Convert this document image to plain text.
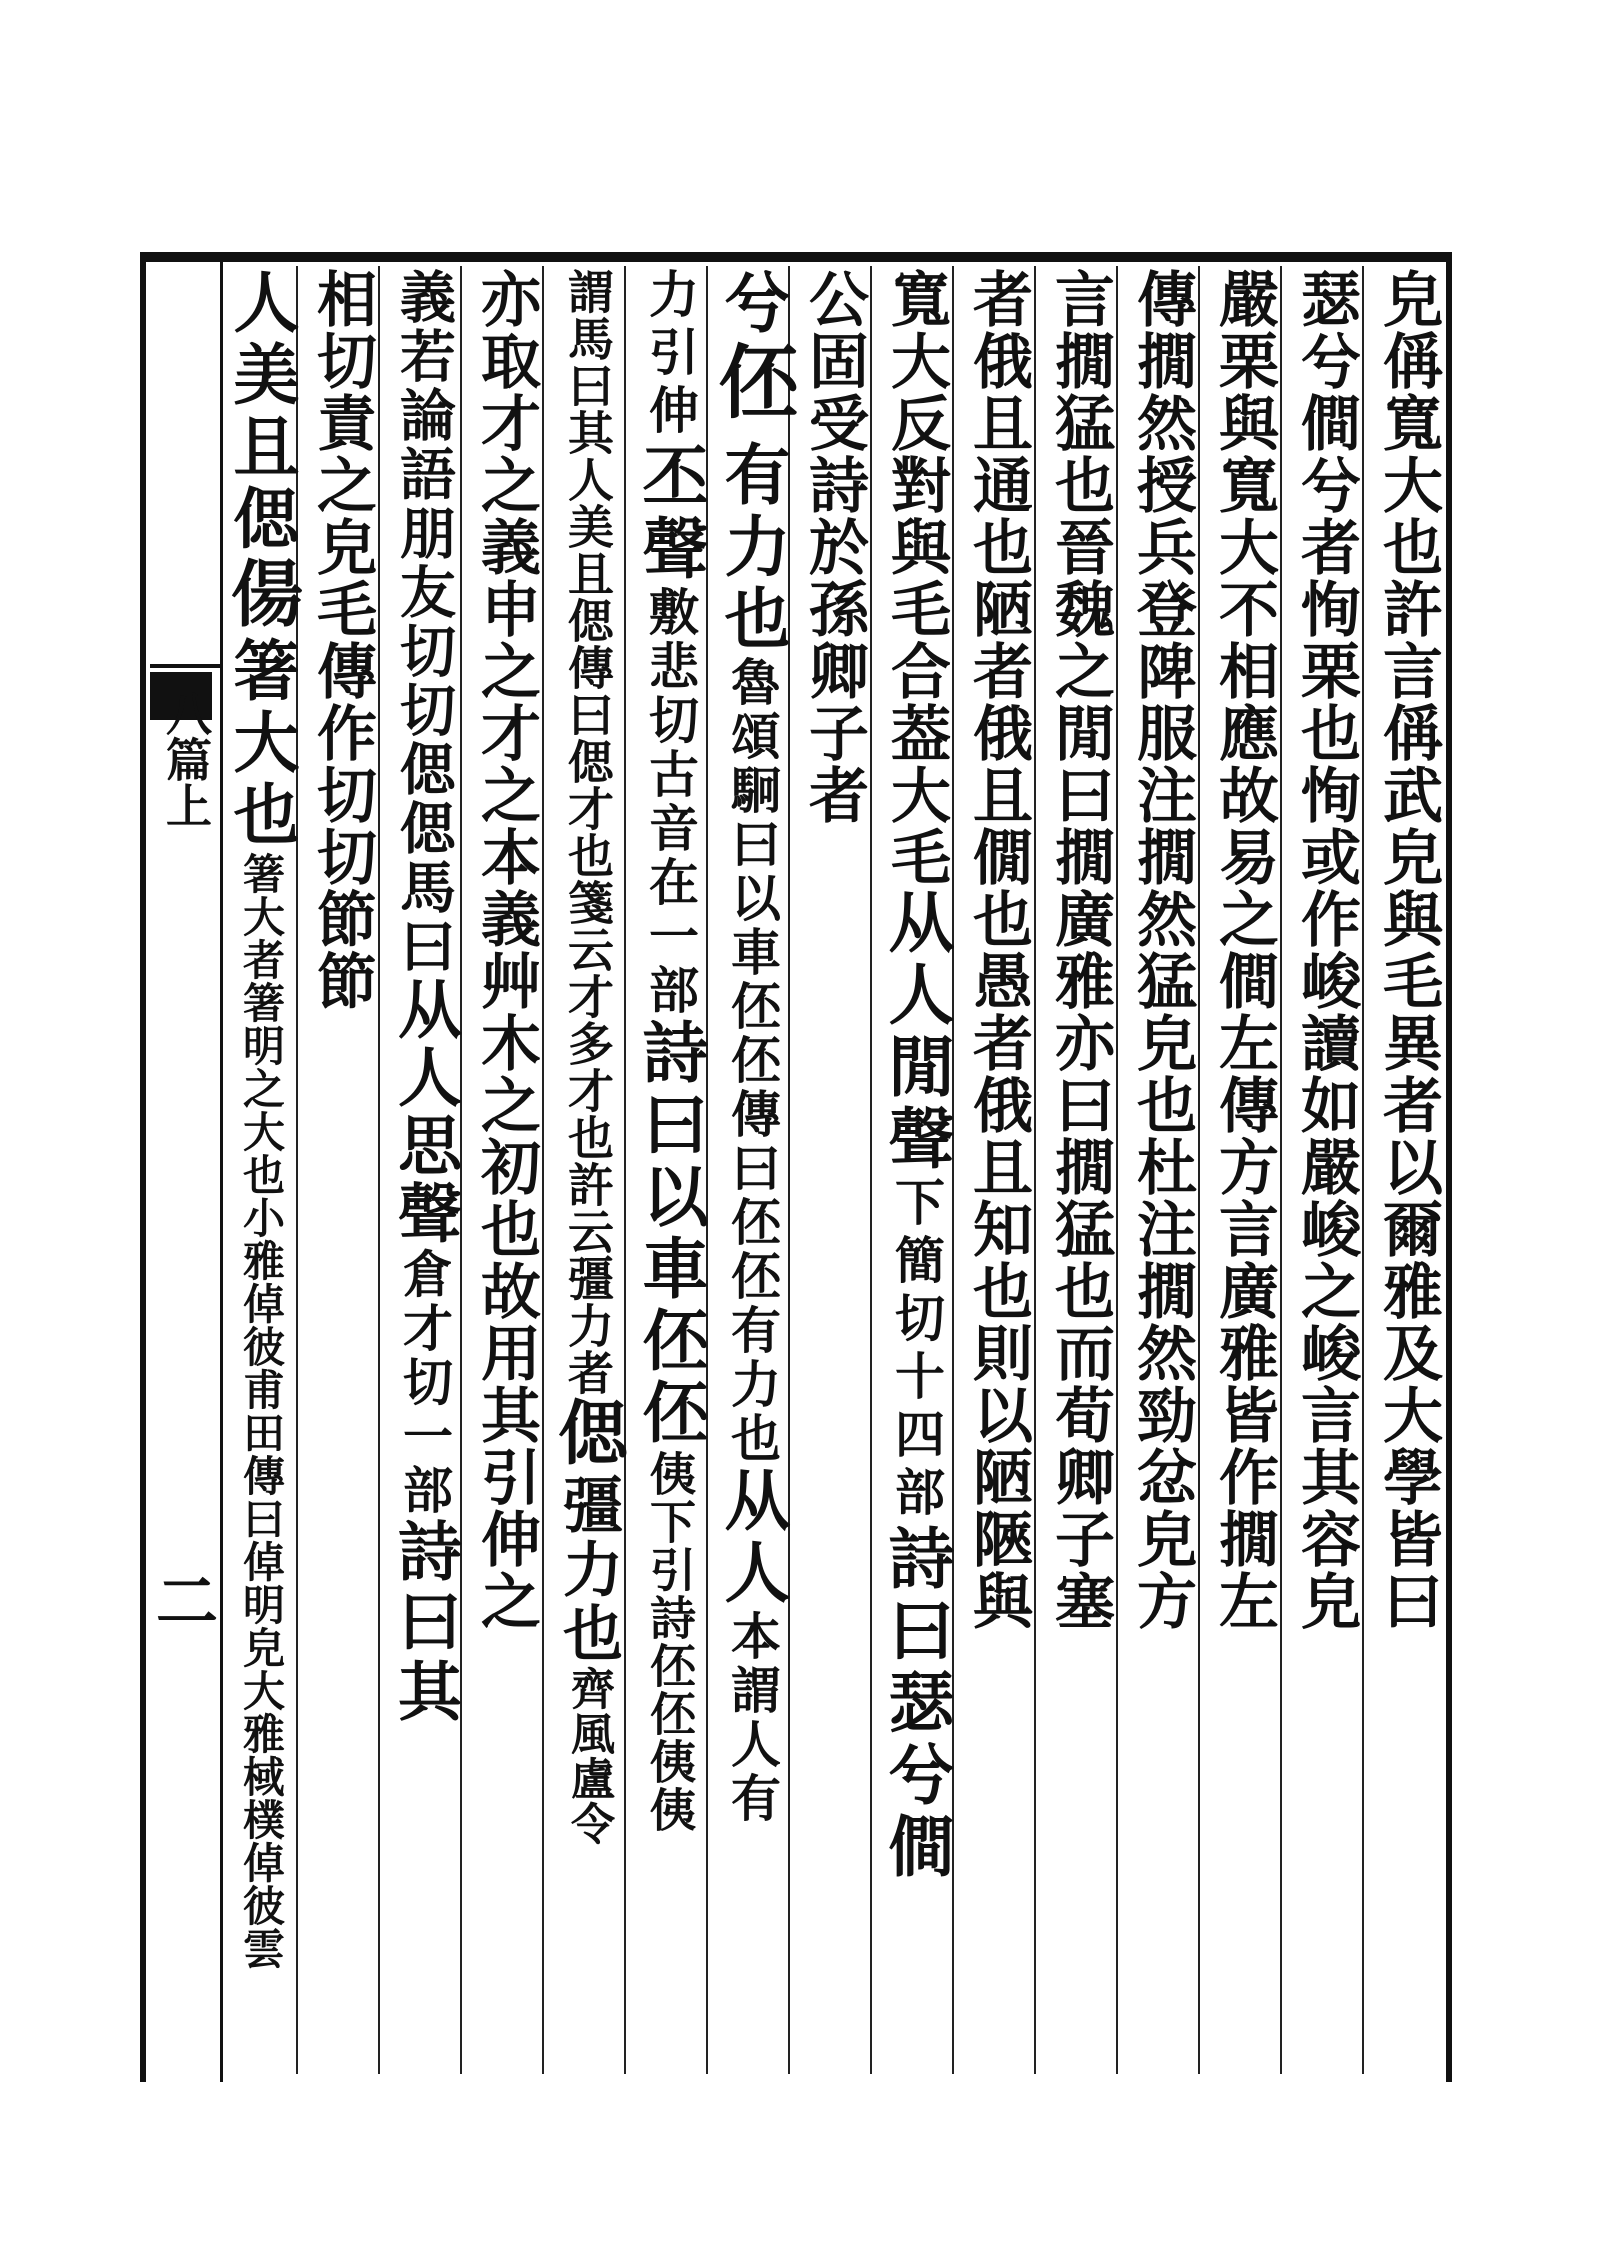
八篇上
二	皃偁寬大也許言偁武皃與毛異者以爾雅及大學皆曰
瑟兮僴兮者恂栗也恂或作峻讀如嚴峻之峻言其容皃
嚴栗與寬大不相應故易之僴左傳方言廣雅皆作撊左
傳撊然授兵登陴服注撊然猛皃也杜注撊然勁忿皃方
言撊猛也晉魏之閒曰撊廣雅亦曰撊猛也而荀卿子塞
者俄且通也陋者俄且僩也愚者俄且知也則以陋陿與
寬大反對與毛合葢大毛从人閒聲下簡切十四部詩曰瑟兮僴
公固受詩於孫卿子者
兮伾有力也魯頌駉曰以車伾伾傳曰伾伾有力也从人本謂人有
力引伸丕聲敷悲切古音在一部詩曰以車伾伾侇下引詩伾伾侇侇
謂馬曰其人美且偲傳曰偲才也箋云才多才也許云彊力者偲彊力也齊風盧令
亦取才之義申之才之本義艸木之初也故用其引伸之
義若論語朋友切切偲偲馬曰从人思聲倉才切一部詩曰其
相切責之皃毛傳作切切節節
人美且偲偒箸大也箸大者箸明之大也小雅倬彼甫田傳曰倬明皃大雅棫樸倬彼雲
